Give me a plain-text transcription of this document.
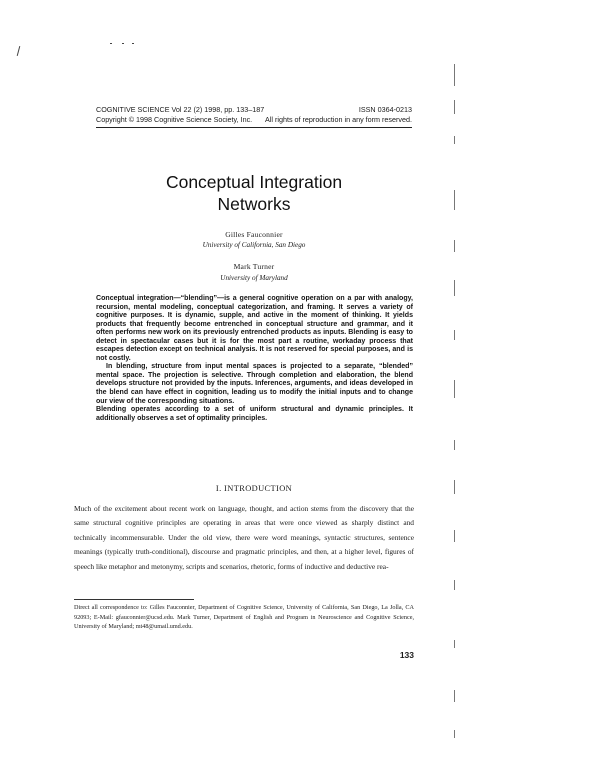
COGNITIVE SCIENCE Vol 22 (2) 1998, pp. 133–187	ISSN 0364-0213
Copyright © 1998 Cognitive Science Society, Inc. All rights of reproduction in any form reserved.
Conceptual Integration
Networks
Gilles Fauconnier
University of California, San Diego
Mark Turner
University of Maryland

Conceptual integration—“blending”—is a general cognitive operation on a par with analogy, recursion, mental modeling, conceptual categorization, and framing. It serves a variety of cognitive purposes. It is dynamic, supple, and active in the moment of thinking. It yields products that frequently become entrenched in conceptual structure and grammar, and it often performs new work on its previously entrenched products as inputs. Blending is easy to detect in spectacular cases but it is for the most part a routine, workaday process that escapes detection except on technical analysis. It is not reserved for special purposes, and is not costly.

In blending, structure from input mental spaces is projected to a separate, “blended” mental space. The projection is selective. Through completion and elaboration, the blend develops structure not provided by the inputs. Inferences, arguments, and ideas developed in the blend can have effect in cognition, leading us to modify the initial inputs and to change our view of the corresponding situations.

Blending operates according to a set of uniform structural and dynamic principles. It additionally observes a set of optimality principles.

I. INTRODUCTION

Much of the excitement about recent work on language, thought, and action stems from the discovery that the same structural cognitive principles are operating in areas that were once viewed as sharply distinct and technically incommensurable. Under the old view, there were word meanings, syntactic structures, sentence meanings (typically truth-conditional), discourse and pragmatic principles, and then, at a higher level, figures of speech like metaphor and metonymy, scripts and scenarios, rhetoric, forms of inductive and deductive rea-

Direct all correspondence to: Gilles Fauconnier, Department of Cognitive Science, University of California, San Diego, La Jolla, CA 92093; E-Mail: gfauconnier@ucsd.edu. Mark Turner, Department of English and Program in Neuroscience and Cognitive Science, University of Maryland; mt48@umail.umd.edu.
133
